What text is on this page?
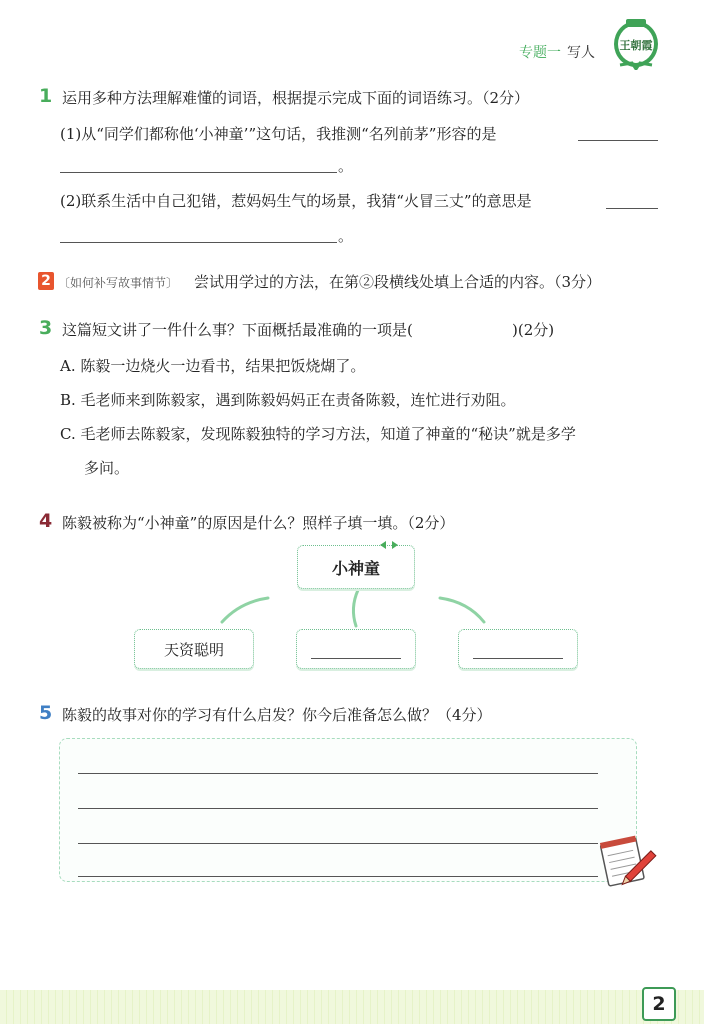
专题一 写人 王朝霞
1 运用多种方法理解难懂的词语，根据提示完成下面的词语练习。（2分）
(1)从“同学们都称他‘小神童’”这句话，我推测“名列前茅”形容的是
。
(2)联系生活中自己犯错，惹妈妈生气的场景，我猜“火冒三丈”的意思是
。
2 〔如何补写故事情节〕 尝试用学过的方法，在第②段横线处填上合适的内容。（3分）
3 这篇短文讲了一件什么事？下面概括最准确的一项是(	)(2分)
A. 陈毅一边烧火一边看书，结果把饭烧煳了。
B. 毛老师来到陈毅家，遇到陈毅妈妈正在责备陈毅，连忙进行劝阻。
C. 毛老师去陈毅家，发现陈毅独特的学习方法，知道了神童的“秘诀”就是多学
多问。
4 陈毅被称为“小神童”的原因是什么？照样子填一填。（2分）
小神童
天资聪明
5 陈毅的故事对你的学习有什么启发？你今后准备怎么做？（4分）
2
